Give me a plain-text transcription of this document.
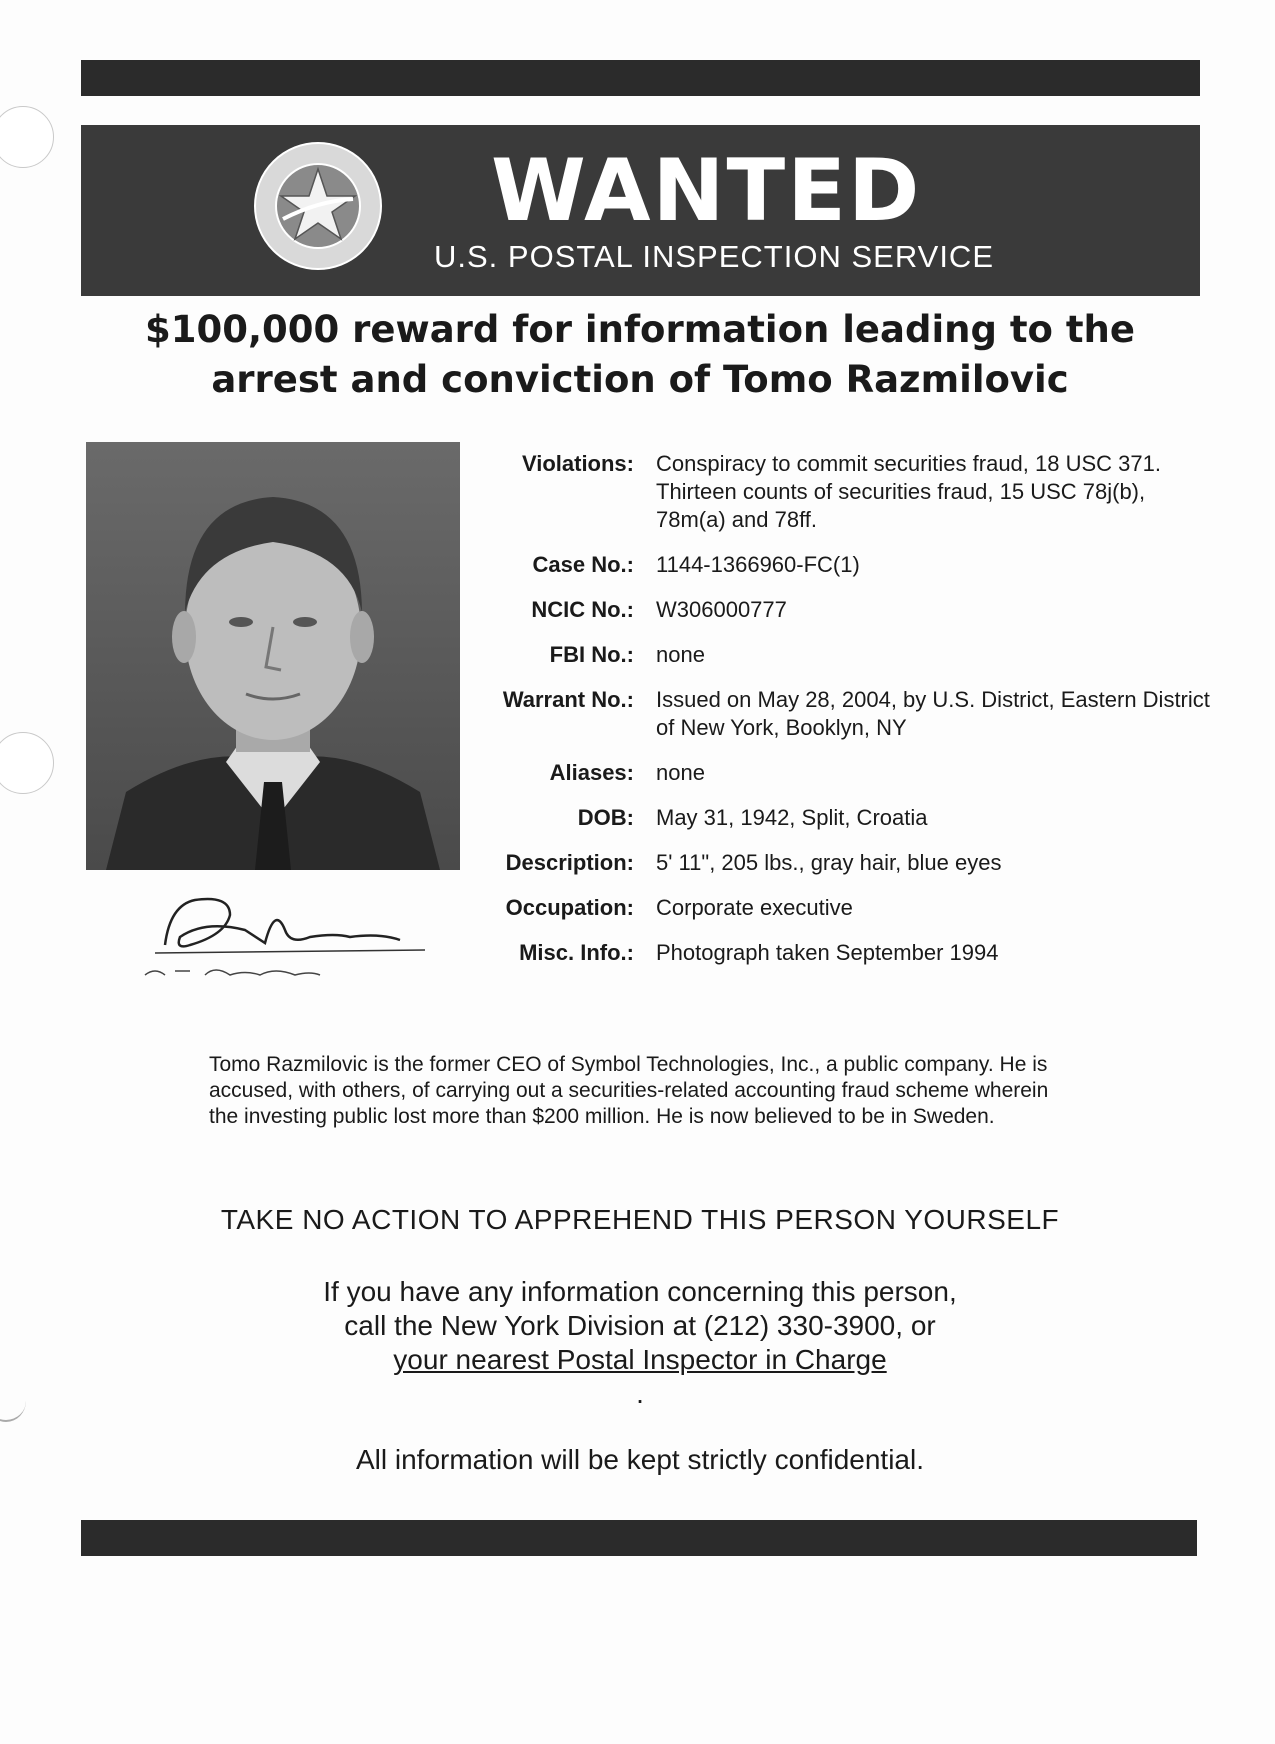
WANTED
U.S. POSTAL INSPECTION SERVICE
$100,000 reward for information leading to the
arrest and conviction of Tomo Razmilovic
Violations:	Conspiracy to commit securities fraud, 18 USC 371. Thirteen counts of securities fraud, 15 USC 78j(b), 78m(a) and 78ff.
Case No.:	1144-1366960-FC(1)
NCIC No.:	W306000777
FBI No.:	none
Warrant No.:	Issued on May 28, 2004, by U.S. District, Eastern District of New York, Booklyn, NY
Aliases:	none
DOB:	May 31, 1942, Split, Croatia
Description:	5' 11", 205 lbs., gray hair, blue eyes
Occupation:	Corporate executive
Misc. Info.:	Photograph taken September 1994
Tomo Razmilovic is the former CEO of Symbol Technologies, Inc., a public company. He is accused, with others, of carrying out a securities-related accounting fraud scheme wherein the investing public lost more than $200 million. He is now believed to be in Sweden.
TAKE NO ACTION TO APPREHEND THIS PERSON YOURSELF
If you have any information concerning this person,
call the New York Division at (212) 330-3900, or
your nearest Postal Inspector in Charge
.
All information will be kept strictly confidential.
